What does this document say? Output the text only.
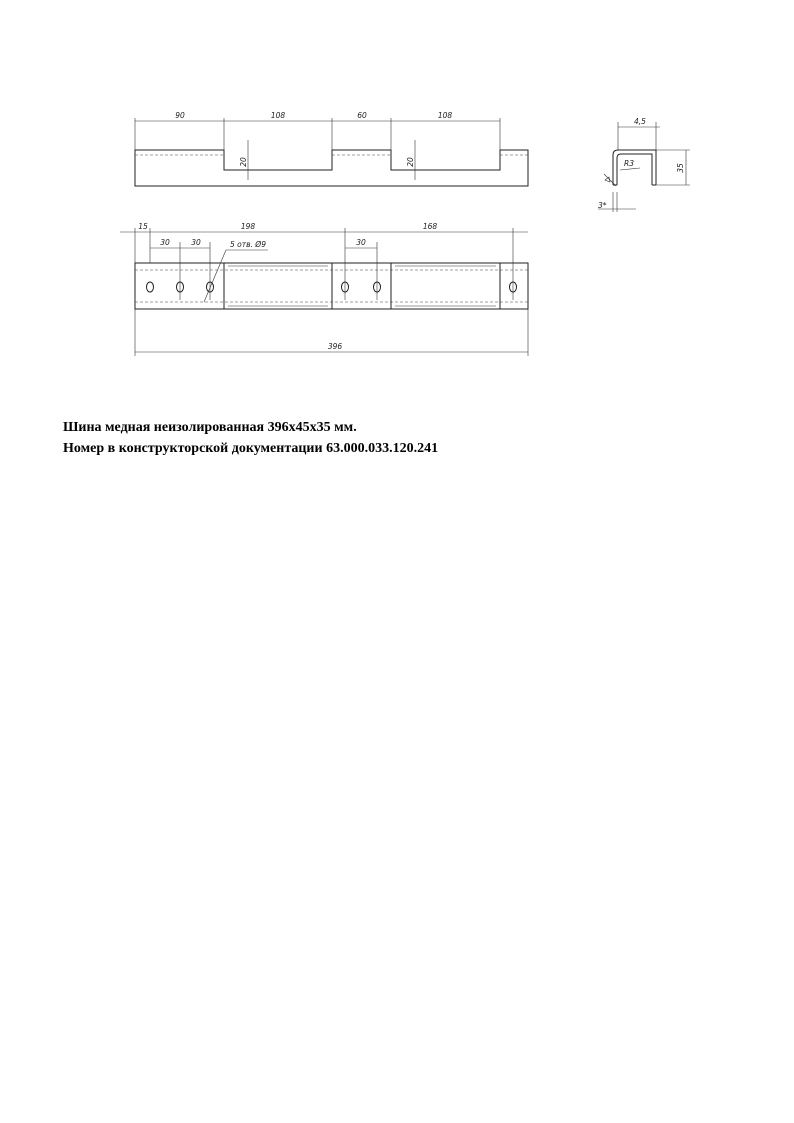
90	108	60	108
20	20
4,5
35
R3
3*
15	198	168
30	30	30
5 отв. Ø9
396
Шина медная неизолированная 396х45х35 мм.
Номер в конструкторской документации 63.000.033.120.241
